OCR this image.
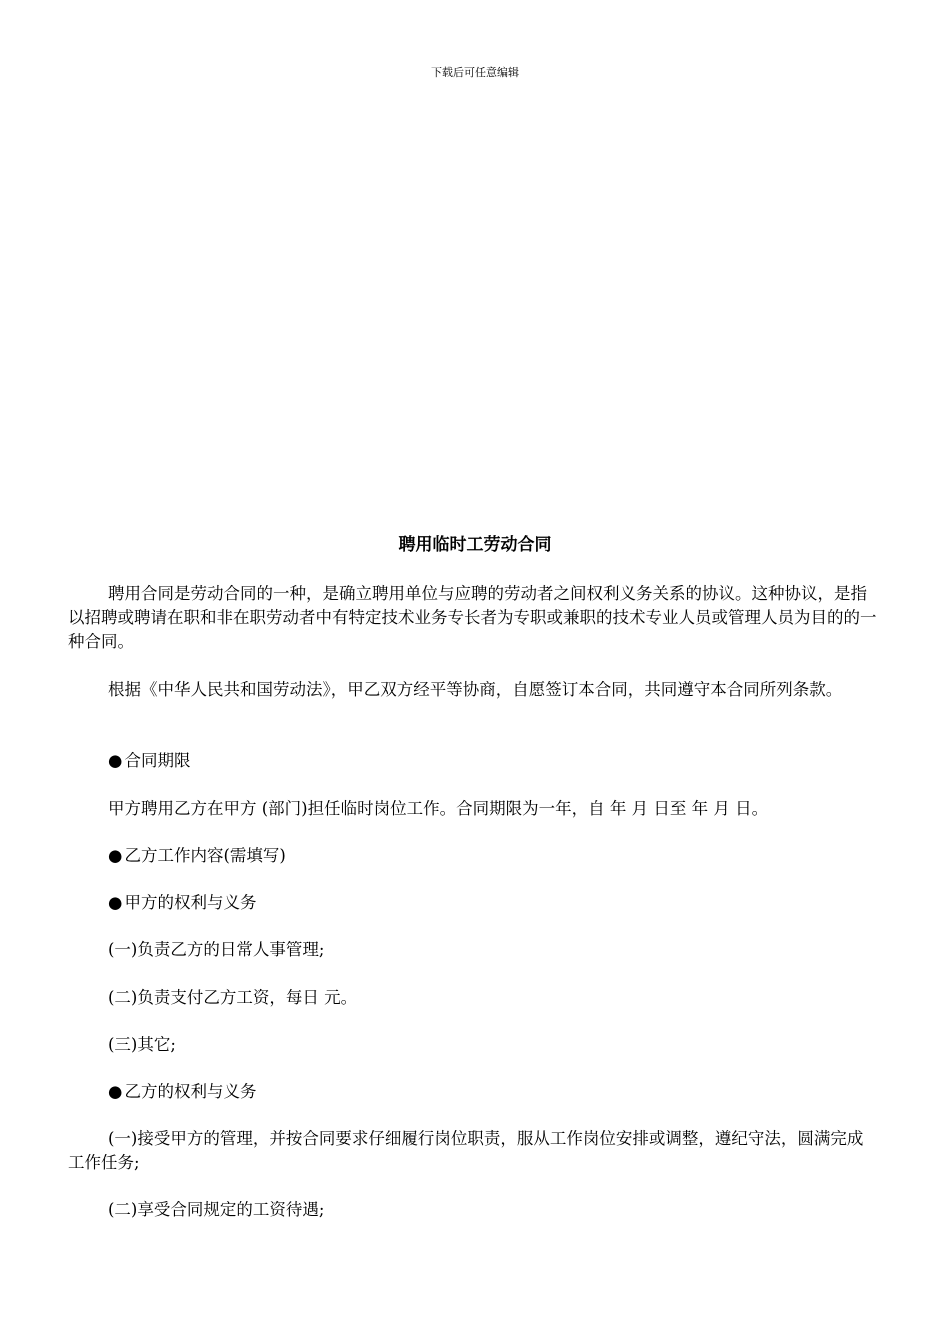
下载后可任意编辑
聘用临时工劳动合同

聘用合同是劳动合同的一种，是确立聘用单位与应聘的劳动者之间权利义务关系的协议。这种协议，是指以招聘或聘请在职和非在职劳动者中有特定技术业务专长者为专职或兼职的技术专业人员或管理人员为目的的一种合同。

根据《中华人民共和国劳动法》，甲乙双方经平等协商，自愿签订本合同，共同遵守本合同所列条款。

● 合同期限

甲方聘用乙方在甲方 (部门)担任临时岗位工作。合同期限为一年，自 年 月 日至 年 月 日。

● 乙方工作内容(需填写)

● 甲方的权利与义务

(一)负责乙方的日常人事管理;

(二)负责支付乙方工资，每日 元。

(三)其它;

● 乙方的权利与义务

(一)接受甲方的管理，并按合同要求仔细履行岗位职责，服从工作岗位安排或调整，遵纪守法，圆满完成工作任务;

(二)享受合同规定的工资待遇;
